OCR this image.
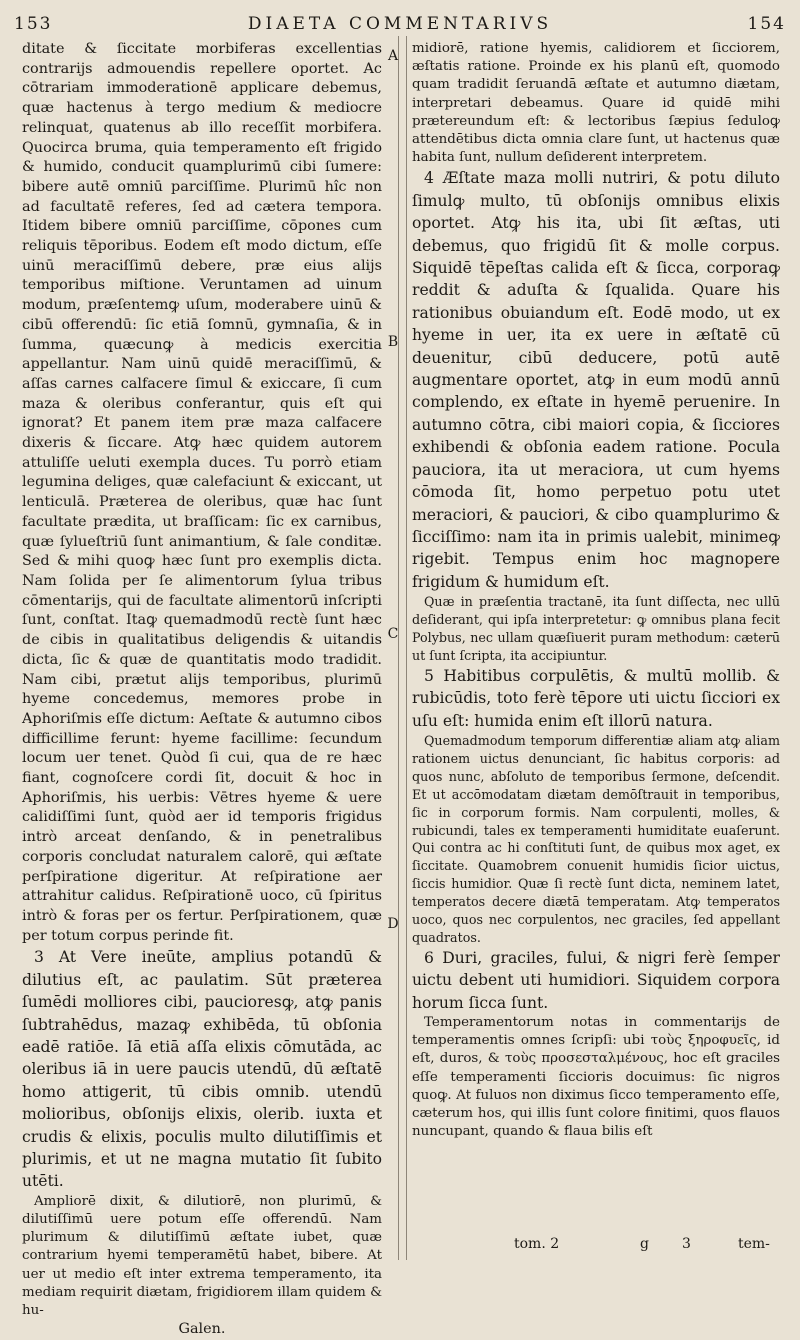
153	DIAETA COMMENTARIVS	154
A
B
C
D

ditate & ſiccitate morbiferas excellentias contrarijs admouendis repellere oportet. Ac cōtrariam immoderationē applicare debemus, quæ hactenus à tergo medium & mediocre relinquat, quatenus ab illo receſſit morbifera. Quocirca bruma, quia temperamento eſt frigido & humido, conducit quamplurimū cibi ſumere: bibere autē omniū parciſſime. Plurimū hîc non ad facultatē referes, ſed ad cætera tempora. Itidem bibere omniū parciſſime, cōpones cum reliquis tēporibus. Eodem eſt modo dictum, eſſe uinū meraciſſimū debere, præ eius alijs temporibus miſtione. Veruntamen ad uinum modum, præſentemꝙ uſum, moderabere uinū & cibū offerendū: ſic etiā ſomnū, gymnaſia, & in ſumma, quæcunꝙ à medicis exercitia appellantur. Nam uinū quidē meraciſſimū, & aſſas carnes calfacere ſimul & exiccare, ſi cum maza & oleribus conferantur, quis eſt qui ignorat? Et panem item præ maza calfacere dixeris & ſiccare. Atꝙ hæc quidem autorem attuliſſe ueluti exempla duces. Tu porrò etiam legumina deliges, quæ calefaciunt & exiccant, ut lenticulā. Præterea de oleribus, quæ hac ſunt facultate prædita, ut braſſicam: ſic ex carnibus, quæ ſylueſtriū ſunt animantium, & ſale conditæ. Sed & mihi quoꝙ hæc ſunt pro exemplis dicta. Nam ſolida per ſe alimentorum ſylua tribus cōmentarijs, qui de facultate alimentorū inſcripti ſunt, conſtat. Itaꝙ quemadmodū rectè ſunt hæc de cibis in qualitatibus deligendis & uitandis dicta, ſic & quæ de quantitatis modo tradidit. Nam cibi, prætut alijs temporibus, plurimū hyeme concedemus, memores probe in Aphoriſmis eſſe dictum: Aeſtate & autumno cibos difficillime ferunt: hyeme facillime: ſecundum locum uer tenet. Quòd ſi cui, qua de re hæc fiant, cognoſcere cordi ſit, docuit & hoc in Aphoriſmis, his uerbis: Vētres hyeme & uere calidiſſimi ſunt, quòd aer id temporis frigidus intrò arceat denſando, & in penetralibus corporis concludat naturalem calorē, qui æſtate perſpiratione digeritur. At reſpiratione aer attrahitur calidus. Reſpirationē uoco, cū ſpiritus intrò & foras per os fertur. Perſpirationem, quæ per totum corpus perinde fit.

3 At Vere ineūte, amplius potandū & dilutius eſt, ac paulatim. Sūt præterea ſumēdi molliores cibi, paucioresꝙ, atꝙ panis ſubtrahēdus, mazaꝙ exhibēda, tū obſonia eadē ratiōe. Iā etiā aſſa elixis cōmutāda, ac oleribus iā in uere paucis utendū, dū æſtatē homo attigerit, tū cibis omnib. utendū molioribus, obſonijs elixis, olerib. iuxta et crudis & elixis, poculis multo dilutiſſimis et plurimis, et ut ne magna mutatio ſit ſubito utēti.

Ampliorē dixit, & dilutiorē, non plurimū, & dilutiſſimū uere potum eſſe offerendū. Nam plurimum & dilutiſſimū æſtate iubet, quæ contrarium hyemi temperamētū habet, bibere. At uer ut medio eſt inter extrema temperamento, ita mediam requirit diætam, frigidiorem illam quidem & hu-

Galen.

midiorē, ratione hyemis, calidiorem et ſicciorem, æſtatis ratione. Proinde ex his planū eſt, quomodo quam tradidit ſeruandā æſtate et autumno diætam, interpretari debeamus. Quare id quidē mihi prætereundum eſt: & lectoribus ſæpius ſeduloꝙ attendētibus dicta omnia clare ſunt, ut hactenus quæ habita ſunt, nullum deſiderent interpretem.

4 Æſtate maza molli nutriri, & potu diluto ſimulꝙ multo, tū obſonijs omnibus elixis oportet. Atꝙ his ita, ubi ſit æſtas, uti debemus, quo frigidū ſit & molle corpus. Siquidē tēpeſtas calida eſt & ſicca, corporaꝙ reddit & aduſta & ſqualida. Quare his rationibus obuiandum eſt. Eodē modo, ut ex hyeme in uer, ita ex uere in æſtatē cū deuenitur, cibū deducere, potū autē augmentare oportet, atꝙ in eum modū annū complendo, ex eſtate in hyemē peruenire. In autumno cōtra, cibi maiori copia, & ſicciores exhibendi & obſonia eadem ratione. Pocula pauciora, ita ut meraciora, ut cum hyems cōmoda ſit, homo perpetuo potu utet meraciori, & pauciori, & cibo quamplurimo & ſicciſſimo: nam ita in primis ualebit, minimeꝙ rigebit. Tempus enim hoc magnopere frigidum & humidum eſt.

Quæ in præſentia tractanē, ita ſunt diſſecta, nec ullū deſiderant, qui ipſa interpretetur: ꝙ omnibus plana fecit Polybus, nec ullam quæſiuerit puram methodum: cæterū ut ſunt ſcripta, ita accipiuntur.

5 Habitibus corpulētis, & multū mollib. & rubicūdis, toto ferè tēpore uti uictu ſicciori ex uſu eſt: humida enim eſt illorū natura.

Quemadmodum temporum differentiæ aliam atꝙ aliam rationem uictus denunciant, ſic habitus corporis: ad quos nunc, abſoluto de temporibus ſermone, deſcendit. Et ut accōmodatam diætam demōſtrauit in temporibus, ſic in corporum formis. Nam corpulenti, molles, & rubicundi, tales ex temperamenti humiditate euaſerunt. Qui contra ac hi conſtituti ſunt, de quibus mox aget, ex ſiccitate. Quamobrem conuenit humidis ſicior uictus, ſiccis humidior. Quæ ſi rectè ſunt dicta, neminem latet, temperatos decere diætā temperatam. Atꝙ temperatos uoco, quos nec corpulentos, nec graciles, ſed appellant quadratos.

6 Duri, graciles, fului, & nigri ferè ſemper uictu debent uti humidiori. Siquidem corpora horum ſicca ſunt.

Temperamentorum notas in commentarijs de temperamentis omnes ſcripſi: ubi τοὺς ξηροφυεῖς, id eſt, duros, & τοὺς προσεσταλμένους, hoc eſt graciles eſſe temperamenti ſiccioris docuimus: ſic nigros quoꝙ. At fuluos non diximus ſicco temperamento eſſe, cæterum hos, qui illis ſunt colore finitimi, quos flauos nuncupant, quando & flaua bilis eſt

tom. 2	g 3	tem-
